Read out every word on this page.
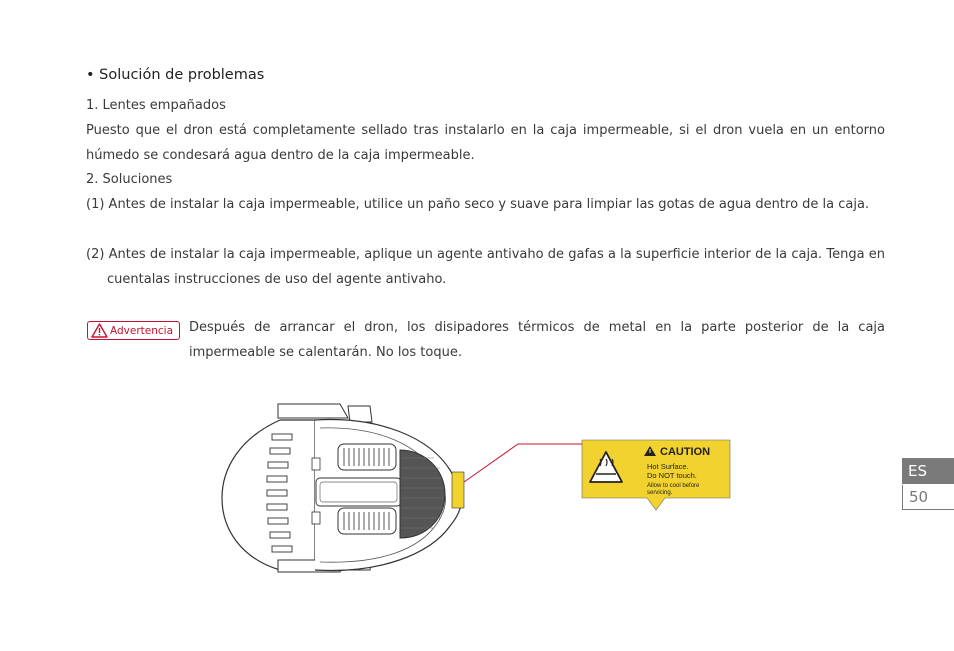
• Solución de problemas
1. Lentes empañados
Puesto que el dron está completamente sellado tras instalarlo en la caja impermeable, si el dron vuela en un entorno húmedo se condesará agua dentro de la caja impermeable.
2. Soluciones
(1) Antes de instalar la caja impermeable, utilice un paño seco y suave para limpiar las gotas de agua dentro de la caja.
(2) Antes de instalar la caja impermeable, aplique un agente antivaho de gafas a la superficie interior de la caja. Tenga en cuentalas instrucciones de uso del agente antivaho.
Advertencia Después de arrancar el dron, los disipadores térmicos de metal en la parte posterior de la caja impermeable se calentarán. No los toque.
CAUTION
Hot Surface.
Do NOT touch.
Allow to cool before
servicing.
ES
50
